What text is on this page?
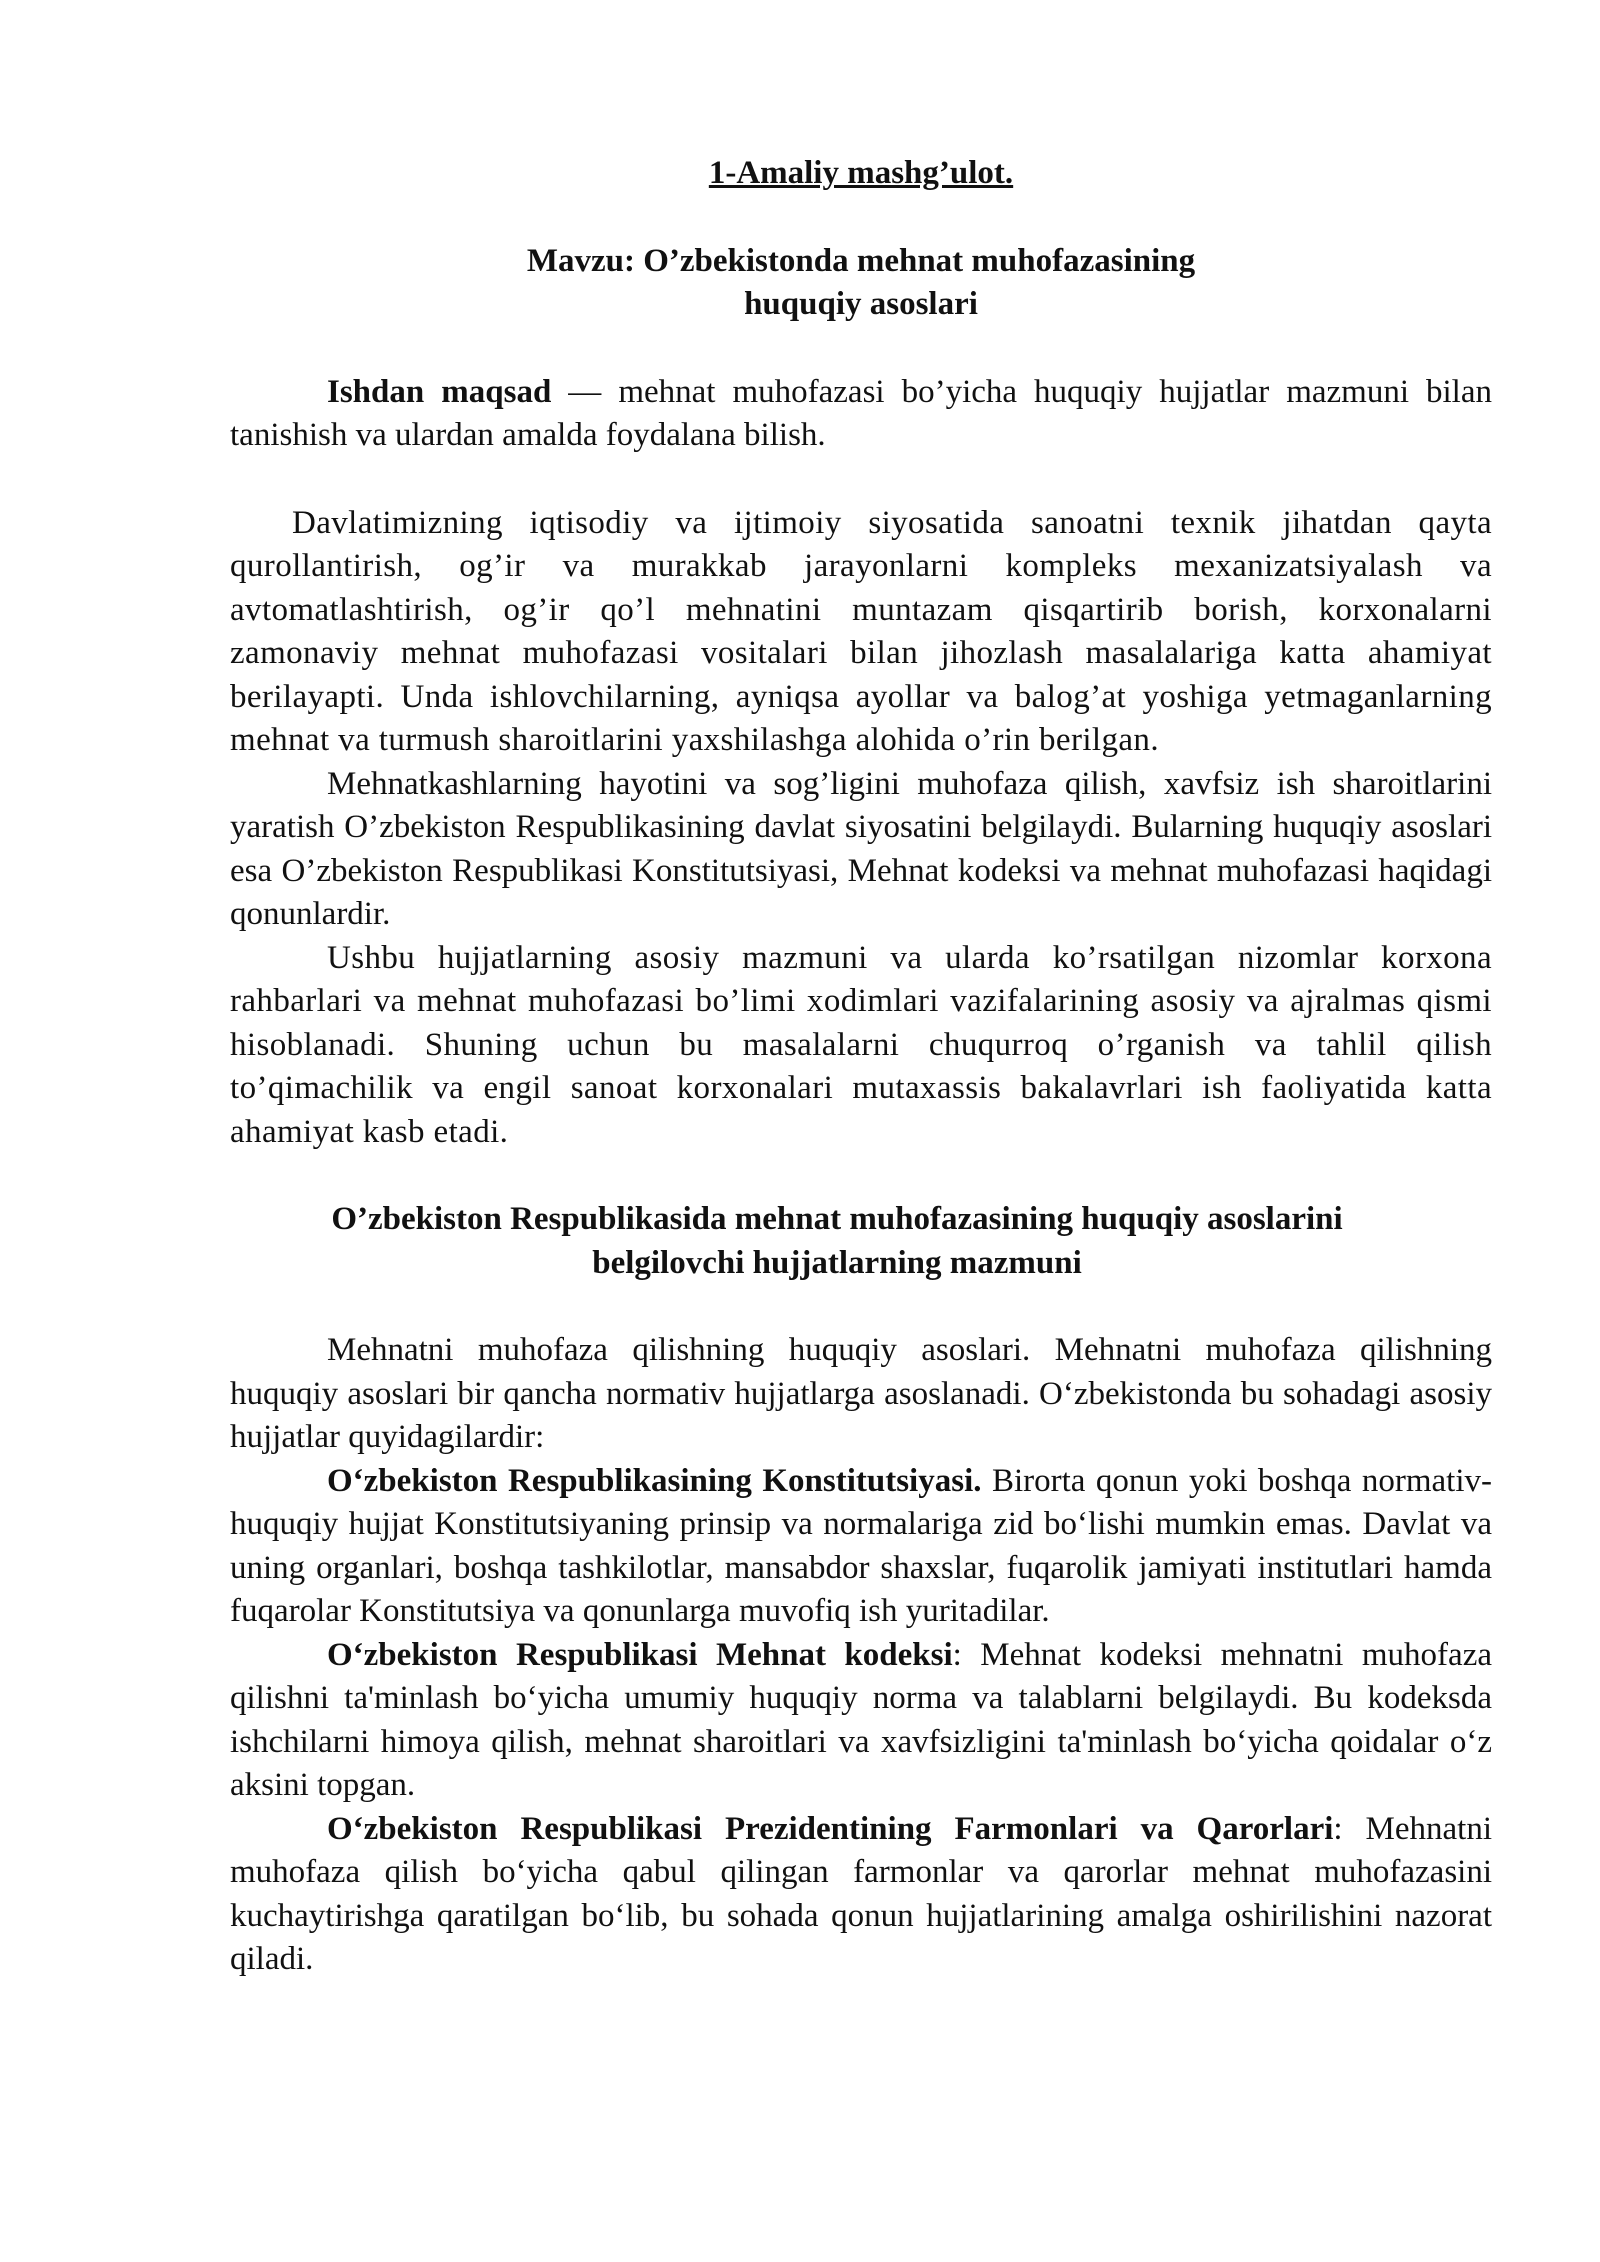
1-Amaliy mashg’ulot.
Mavzu: O’zbekistonda mehnat muhofazasining
huquqiy asoslari

Ishdan maqsad — mehnat muhofazasi bo’yicha huquqiy hujjatlar mazmuni bilan tanishish va ulardan amalda foydalana bilish.

Davlatimizning iqtisodiy va ijtimoiy siyosatida sanoatni texnik jihatdan qayta qurollantirish, og’ir va murakkab jarayonlarni kompleks mexanizatsiyalash va avtomatlashtirish, og’ir qo’l mehnatini muntazam qisqartirib borish, korxonalarni zamonaviy mehnat muhofazasi vositalari bilan jihozlash masalalariga katta ahamiyat berilayapti. Unda ishlovchilarning, ayniqsa ayollar va balog’at yoshiga yetmaganlarning mehnat va turmush sharoitlarini yaxshilashga alohida o’rin berilgan.

Mehnatkashlarning hayotini va sog’ligini muhofaza qilish, xavfsiz ish sharoitlarini yaratish O’zbekiston Respublikasining davlat siyosatini belgilaydi. Bularning huquqiy asoslari esa O’zbekiston Respublikasi Konstitutsiyasi, Mehnat kodeksi va mehnat muhofazasi haqidagi qonunlardir.

Ushbu hujjatlarning asosiy mazmuni va ularda ko’rsatilgan nizomlar korxona rahbarlari va mehnat muhofazasi bo’limi xodimlari vazifalarining asosiy va ajralmas qismi hisoblanadi. Shuning uchun bu masalalarni chuqurroq o’rganish va tahlil qilish to’qimachilik va engil sanoat korxonalari mutaxassis bakalavrlari ish faoliyatida katta ahamiyat kasb etadi.

O’zbekiston Respublikasida mehnat muhofazasining huquqiy asoslarini
belgilovchi hujjatlarning mazmuni

Mehnatni muhofaza qilishning huquqiy asoslari. Mehnatni muhofaza qilishning huquqiy asoslari bir qancha normativ hujjatlarga asoslanadi. O‘zbekistonda bu sohadagi asosiy hujjatlar quyidagilardir:

O‘zbekiston Respublikasining Konstitutsiyasi. Birorta qonun yoki boshqa normativ-huquqiy hujjat Konstitutsiyaning prinsip va normalariga zid bo‘lishi mumkin emas. Davlat va uning organlari, boshqa tashkilotlar, mansabdor shaxslar, fuqarolik jamiyati institutlari hamda fuqarolar Konstitutsiya va qonunlarga muvofiq ish yuritadilar.

O‘zbekiston Respublikasi Mehnat kodeksi: Mehnat kodeksi mehnatni muhofaza qilishni ta'minlash bo‘yicha umumiy huquqiy norma va talablarni belgilaydi. Bu kodeksda ishchilarni himoya qilish, mehnat sharoitlari va xavfsizligini ta'minlash bo‘yicha qoidalar o‘z aksini topgan.

O‘zbekiston Respublikasi Prezidentining Farmonlari va Qarorlari: Mehnatni muhofaza qilish bo‘yicha qabul qilingan farmonlar va qarorlar mehnat muhofazasini kuchaytirishga qaratilgan bo‘lib, bu sohada qonun hujjatlarining amalga oshirilishini nazorat qiladi.
